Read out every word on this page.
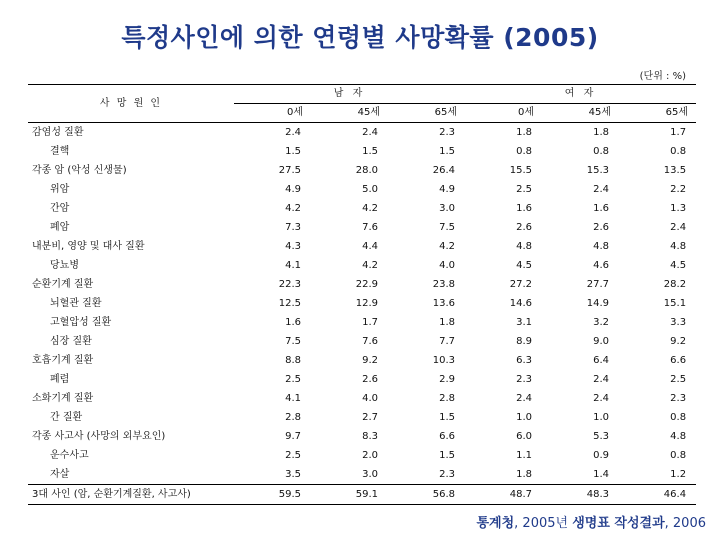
특정사인에 의한 연령별 사망확률 (2005)
(단위 : %)
사 망 원 인	남 자			여 자		
	0세	45세	65세	0세	45세	65세
감염성 질환	2.4	2.4	2.3	1.8	1.8	1.7
결핵	1.5	1.5	1.5	0.8	0.8	0.8
각종 암 (악성 신생물)	27.5	28.0	26.4	15.5	15.3	13.5
위암	4.9	5.0	4.9	2.5	2.4	2.2
간암	4.2	4.2	3.0	1.6	1.6	1.3
폐암	7.3	7.6	7.5	2.6	2.6	2.4
내분비, 영양 및 대사 질환	4.3	4.4	4.2	4.8	4.8	4.8
당뇨병	4.1	4.2	4.0	4.5	4.6	4.5
순환기계 질환	22.3	22.9	23.8	27.2	27.7	28.2
뇌혈관 질환	12.5	12.9	13.6	14.6	14.9	15.1
고혈압성 질환	1.6	1.7	1.8	3.1	3.2	3.3
심장 질환	7.5	7.6	7.7	8.9	9.0	9.2
호흡기계 질환	8.8	9.2	10.3	6.3	6.4	6.6
폐렴	2.5	2.6	2.9	2.3	2.4	2.5
소화기계 질환	4.1	4.0	2.8	2.4	2.4	2.3
간 질환	2.8	2.7	1.5	1.0	1.0	0.8
각종 사고사 (사망의 외부요인)	9.7	8.3	6.6	6.0	5.3	4.8
운수사고	2.5	2.0	1.5	1.1	0.9	0.8
자살	3.5	3.0	2.3	1.8	1.4	1.2
3대 사인 (암, 순환기계질환, 사고사)	59.5	59.1	56.8	48.7	48.3	46.4
통계청, 2005년 생명표 작성결과, 2006
